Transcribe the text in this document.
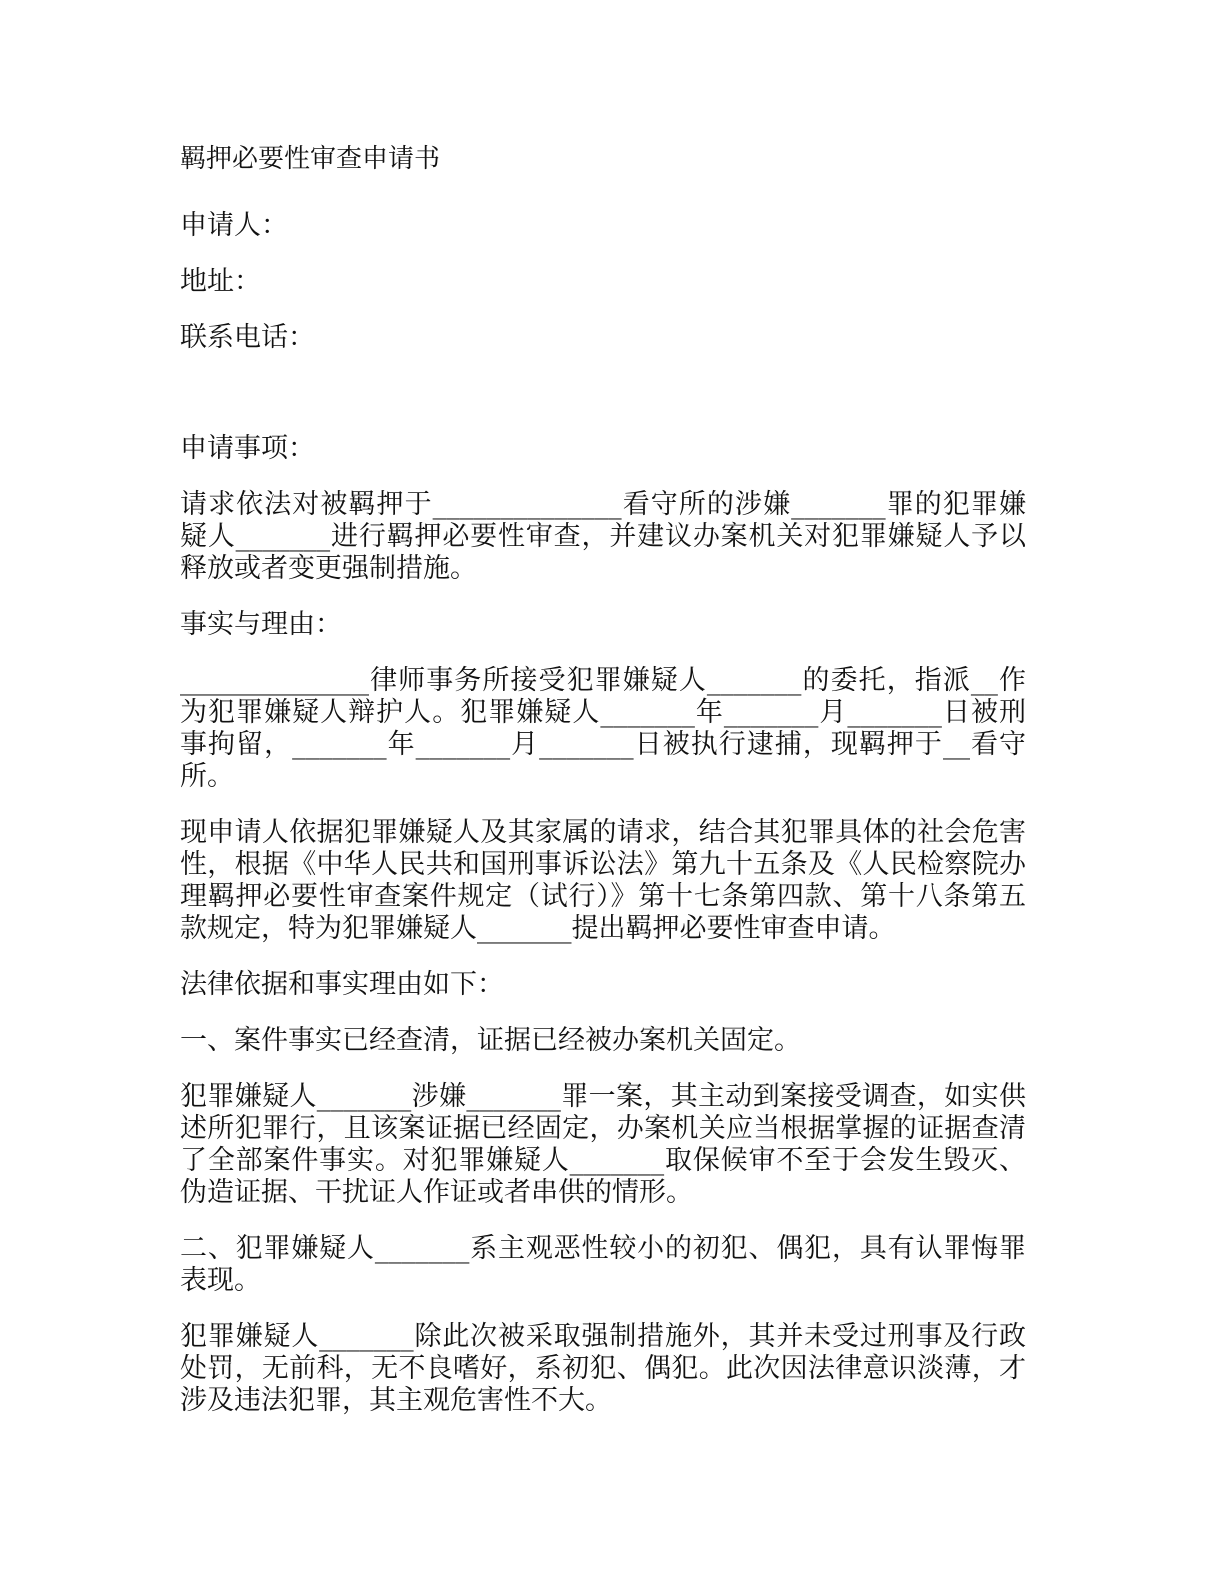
羁押必要性审查申请书
申请人：
地址：
联系电话：
申请事项：
请求依法对被羁押于______________看守所的涉嫌_______罪的犯罪嫌疑人_______进行羁押必要性审查，并建议办案机关对犯罪嫌疑人予以释放或者变更强制措施。
事实与理由：
______________律师事务所接受犯罪嫌疑人_______的委托，指派__作为犯罪嫌疑人辩护人。犯罪嫌疑人_______年_______月_______日被刑事拘留，_______年_______月_______日被执行逮捕，现羁押于__看守所。
现申请人依据犯罪嫌疑人及其家属的请求，结合其犯罪具体的社会危害性，根据《中华人民共和国刑事诉讼法》第九十五条及《人民检察院办理羁押必要性审查案件规定（试行）》第十七条第四款、第十八条第五款规定，特为犯罪嫌疑人_______提出羁押必要性审查申请。
法律依据和事实理由如下：
一、案件事实已经查清，证据已经被办案机关固定。
犯罪嫌疑人_______涉嫌_______罪一案，其主动到案接受调查，如实供述所犯罪行，且该案证据已经固定，办案机关应当根据掌握的证据查清了全部案件事实。对犯罪嫌疑人_______取保候审不至于会发生毁灭、伪造证据、干扰证人作证或者串供的情形。
二、犯罪嫌疑人_______系主观恶性较小的初犯、偶犯，具有认罪悔罪表现。
犯罪嫌疑人_______除此次被采取强制措施外，其并未受过刑事及行政处罚，无前科，无不良嗜好，系初犯、偶犯。此次因法律意识淡薄，才涉及违法犯罪，其主观危害性不大。
